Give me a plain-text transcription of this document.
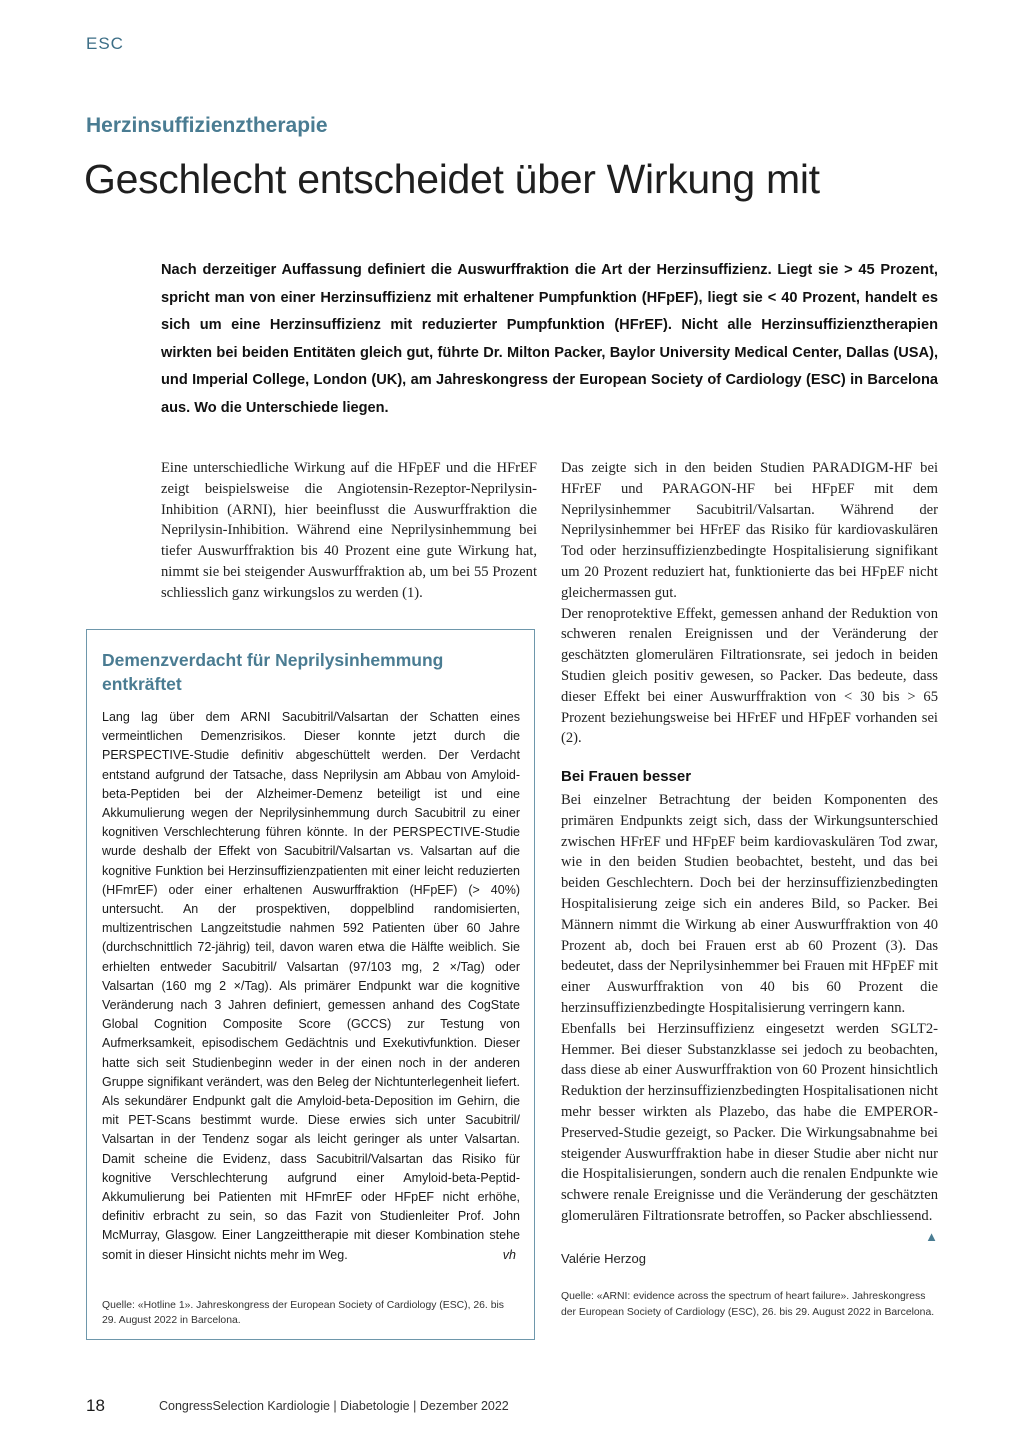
ESC
Herzinsuffizienztherapie
Geschlecht entscheidet über Wirkung mit

Nach derzeitiger Auffassung definiert die Auswurffraktion die Art der Herzinsuffizienz. Liegt sie > 45 Prozent, spricht man von einer Herzinsuffizienz mit erhaltener Pumpfunktion (HFpEF), liegt sie < 40 Prozent, handelt es sich um eine Herzinsuffizienz mit reduzierter Pumpfunktion (HFrEF). Nicht alle Herzinsuffizienztherapien wirkten bei beiden Entitäten gleich gut, führte Dr. Milton Packer, Baylor University Medical Center, Dallas (USA), und Imperial College, London (UK), am Jahreskongress der European Society of Cardiology (ESC) in Barcelona aus. Wo die Unterschiede liegen.

Eine unterschiedliche Wirkung auf die HFpEF und die HFrEF zeigt beispielsweise die Angiotensin-Rezeptor-Neprilysin-Inhibition (ARNI), hier beeinflusst die Auswurffraktion die Neprilysin-Inhibition. Während eine Neprilysinhemmung bei tiefer Auswurffraktion bis 40 Prozent eine gute Wirkung hat, nimmt sie bei steigender Auswurffraktion ab, um bei 55 Prozent schliesslich ganz wirkungslos zu werden (1).

Demenzverdacht für Neprilysinhemmung entkräftet

Lang lag über dem ARNI Sacubitril/Valsartan der Schatten eines vermeintlichen Demenzrisikos. Dieser konnte jetzt durch die PERSPECTIVE-Studie definitiv abgeschüttelt werden. Der Verdacht entstand aufgrund der Tatsache, dass Neprilysin am Abbau von Amyloid-beta-Peptiden bei der Alzheimer-Demenz beteiligt ist und eine Akkumulierung wegen der Neprilysinhemmung durch Sacubitril zu einer kognitiven Verschlechterung führen könnte. In der PERSPECTIVE-Studie wurde deshalb der Effekt von Sacubitril/Valsartan vs. Valsartan auf die kognitive Funktion bei Herzinsuffizienzpatienten mit einer leicht reduzierten (HFmrEF) oder einer erhaltenen Auswurffraktion (HFpEF) (> 40%) untersucht. An der prospektiven, doppelblind randomisierten, multizentrischen Langzeitstudie nahmen 592 Patienten über 60 Jahre (durchschnittlich 72-jährig) teil, davon waren etwa die Hälfte weiblich. Sie erhielten entweder Sacubitril/ Valsartan (97/103 mg, 2 ×/Tag) oder Valsartan (160 mg 2 ×/Tag). Als primärer Endpunkt war die kognitive Veränderung nach 3 Jahren definiert, gemessen anhand des CogState Global Cognition Composite Score (GCCS) zur Testung von Aufmerksamkeit, episodischem Gedächtnis und Exekutivfunktion. Dieser hatte sich seit Studienbeginn weder in der einen noch in der anderen Gruppe signifikant verändert, was den Beleg der Nichtunterlegenheit liefert. Als sekundärer Endpunkt galt die Amyloid-beta-Deposition im Gehirn, die mit PET-Scans bestimmt wurde. Diese erwies sich unter Sacubitril/ Valsartan in der Tendenz sogar als leicht geringer als unter Valsartan. Damit scheine die Evidenz, dass Sacubitril/Valsartan das Risiko für kognitive Verschlechterung aufgrund einer Amyloid-beta-Peptid-Akkumulierung bei Patienten mit HFmrEF oder HFpEF nicht erhöhe, definitiv erbracht zu sein, so das Fazit von Studienleiter Prof. John McMurray, Glasgow. Einer Langzeittherapie mit dieser Kombination stehe somit in dieser Hinsicht nichts mehr im Weg.	vh

Quelle: «Hotline 1». Jahreskongress der European Society of Cardiology (ESC), 26. bis 29. August 2022 in Barcelona.

Das zeigte sich in den beiden Studien PARADIGM-HF bei HFrEF und PARAGON-HF bei HFpEF mit dem Neprilysinhemmer Sacubitril/Valsartan. Während der Neprilysinhemmer bei HFrEF das Risiko für kardiovaskulären Tod oder herzinsuffizienzbedingte Hospitalisierung signifikant um 20 Prozent reduziert hat, funktionierte das bei HFpEF nicht gleichermassen gut.

Der renoprotektive Effekt, gemessen anhand der Reduktion von schweren renalen Ereignissen und der Veränderung der geschätzten glomerulären Filtrationsrate, sei jedoch in beiden Studien gleich positiv gewesen, so Packer. Das bedeute, dass dieser Effekt bei einer Auswurffraktion von < 30 bis > 65 Prozent beziehungsweise bei HFrEF und HFpEF vorhanden sei (2).

Bei Frauen besser

Bei einzelner Betrachtung der beiden Komponenten des primären Endpunkts zeigt sich, dass der Wirkungsunterschied zwischen HFrEF und HFpEF beim kardiovaskulären Tod zwar, wie in den beiden Studien beobachtet, besteht, und das bei beiden Geschlechtern. Doch bei der herzinsuffizienzbedingten Hospitalisierung zeige sich ein anderes Bild, so Packer. Bei Männern nimmt die Wirkung ab einer Auswurffraktion von 40 Prozent ab, doch bei Frauen erst ab 60 Prozent (3). Das bedeutet, dass der Neprilysinhemmer bei Frauen mit HFpEF mit einer Auswurffraktion von 40 bis 60 Prozent die herzinsuffizienzbedingte Hospitalisierung verringern kann.

Ebenfalls bei Herzinsuffizienz eingesetzt werden SGLT2-Hemmer. Bei dieser Substanzklasse sei jedoch zu beobachten, dass diese ab einer Auswurffraktion von 60 Prozent hinsichtlich Reduktion der herzinsuffizienzbedingten Hospitalisationen nicht mehr besser wirkten als Plazebo, das habe die EMPEROR-Preserved-Studie gezeigt, so Packer. Die Wirkungsabnahme bei steigender Auswurffraktion habe in dieser Studie aber nicht nur die Hospitalisierungen, sondern auch die renalen Endpunkte wie schwere renale Ereignisse und die Veränderung der geschätzten glomerulären Filtrationsrate betroffen, so Packer abschliessend.
▲

Valérie Herzog
Quelle: «ARNI: evidence across the spectrum of heart failure». Jahreskongress der European Society of Cardiology (ESC), 26. bis 29. August 2022 in Barcelona.
18	CongressSelection Kardiologie | Diabetologie | Dezember 2022
